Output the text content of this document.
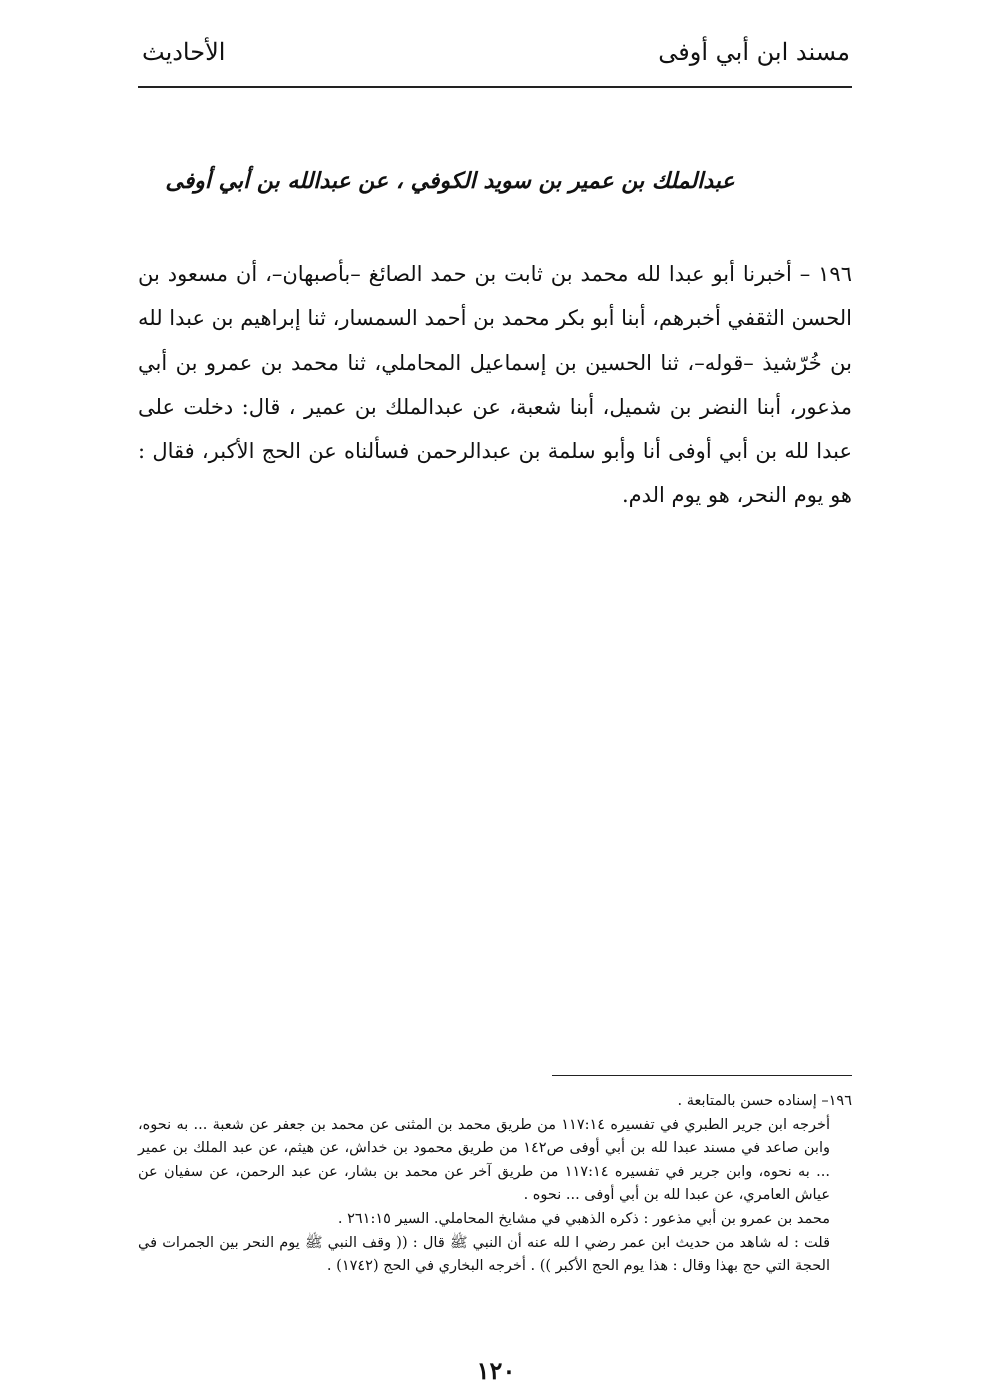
مسند ابن أبي أوفى
الأحاديث
عبدالملك بن عمير بن سويد الكوفي ، عن عبدالله بن أبي أوفى
١٩٦ – أخبرنا أبو عبدا لله محمد بن ثابت بن حمد الصائغ –بأصبهان–، أن مسعود بن الحسن الثقفي أخبرهم، أبنا أبو بكر محمد بن أحمد السمسار، ثنا إبراهيم بن عبدا لله بن خُرّشيذ –قوله–، ثنا الحسين بن إسماعيل المحاملي، ثنا محمد بن عمرو بن أبي مذعور، أبنا النضر بن شميل، أبنا شعبة، عن عبدالملك بن عمير ، قال: دخلت على عبدا لله بن أبي أوفى أنا وأبو سلمة بن عبدالرحمن فسألناه عن الحج الأكبر، فقال : هو يوم النحر، هو يوم الدم.
١٩٦– إسناده حسن بالمتابعة .
أخرجه ابن جرير الطبري في تفسيره ١١٧:١٤ من طريق محمد بن المثنى عن محمد بن جعفر عن شعبة ... به نحوه، وابن صاعد في مسند عبدا لله بن أبي أوفى ص١٤٢ من طريق محمود بن خداش، عن هيثم، عن عبد الملك بن عمير ... به نحوه، وابن جرير في تفسيره ١١٧:١٤ من طريق آخر عن محمد بن بشار، عن عبد الرحمن، عن سفيان عن عياش العامري، عن عبدا لله بن أبي أوفى ... نحوه .
محمد بن عمرو بن أبي مذعور : ذكره الذهبي في مشايخ المحاملي. السير ٢٦١:١٥ .
قلت : له شاهد من حديث ابن عمر رضي ا لله عنه أن النبي ﷺ قال : (( وقف النبي ﷺ يوم النحر بين الجمرات في الحجة التي حج بهذا وقال : هذا يوم الحج الأكبر )) . أخرجه البخاري في الحج (١٧٤٢) .
١٢٠
